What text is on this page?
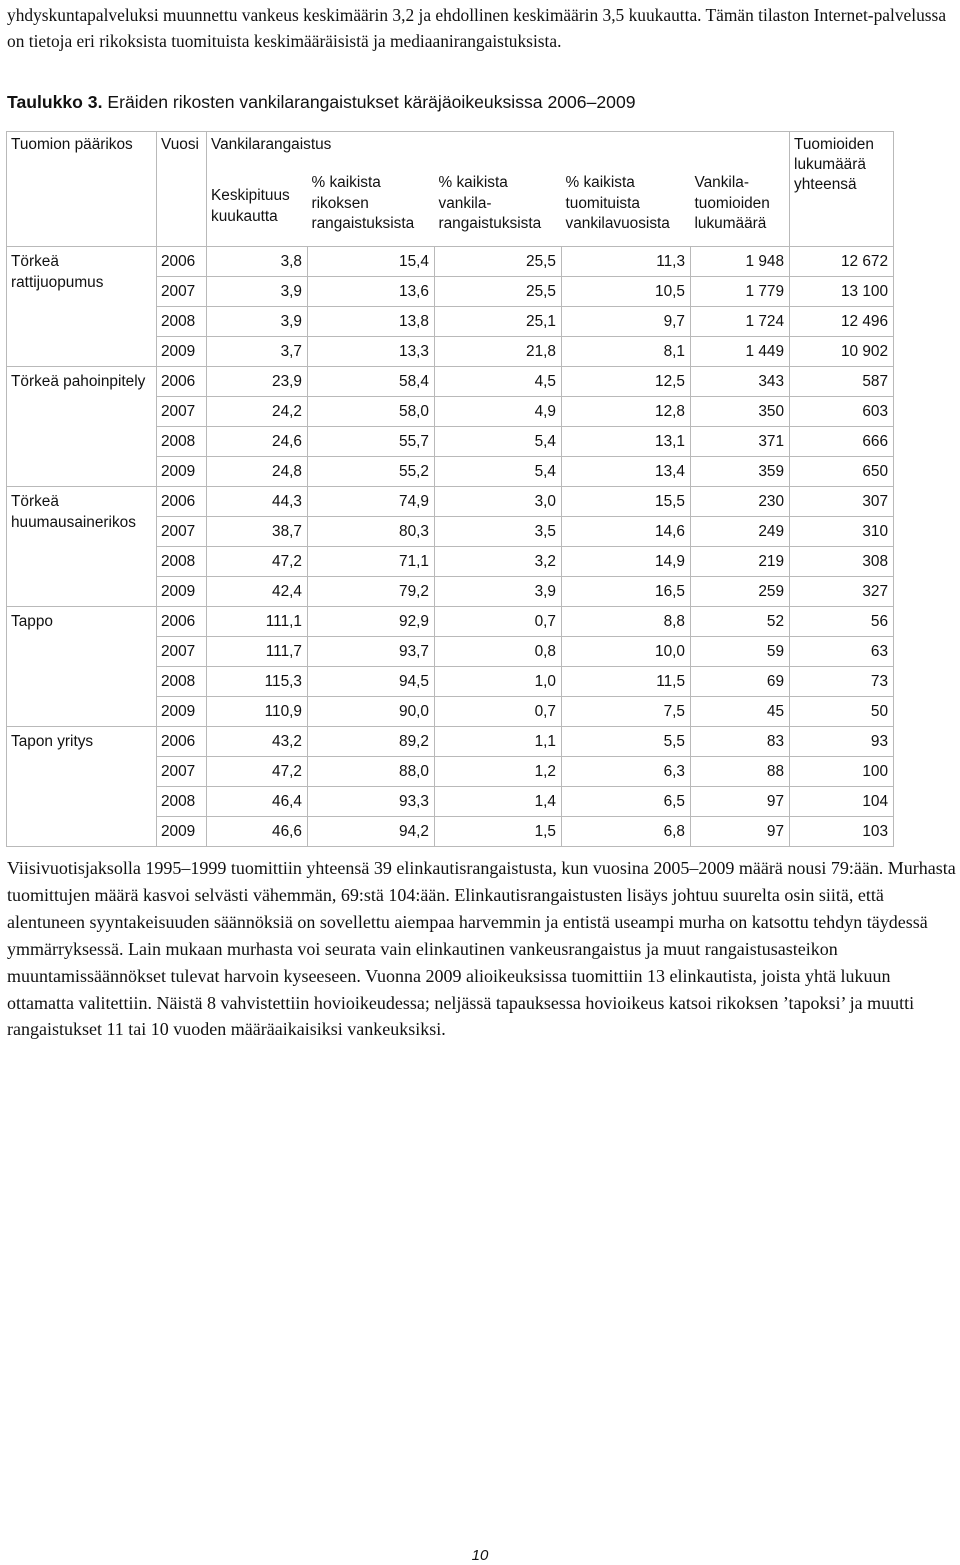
yhdyskuntapalveluksi muunnettu vankeus keskimäärin 3,2 ja ehdollinen keskimäärin 3,5 kuukautta. Tämän tilaston Internet-palvelussa on tietoja eri rikoksista tuomituista keskimääräisistä ja mediaanirangaistuksista.

Taulukko 3. Eräiden rikosten vankilarangaistukset käräjäoikeuksissa 2006–2009

Tuomion päärikos	Vuosi	Vankilarangaistus					Tuomioiden lukumäärä yhteensä
		Keskipituus kuukautta	% kaikista rikoksen rangaistuksista	% kaikista vankila-rangaistuksista	% kaikista tuomituista vankilavuosista	Vankila-tuomioiden lukumäärä	
Törkeä rattijuopumus	2006	3,8	15,4	25,5	11,3	1 948	12 672
	2007	3,9	13,6	25,5	10,5	1 779	13 100
	2008	3,9	13,8	25,1	9,7	1 724	12 496
	2009	3,7	13,3	21,8	8,1	1 449	10 902
Törkeä pahoinpitely	2006	23,9	58,4	4,5	12,5	343	587
	2007	24,2	58,0	4,9	12,8	350	603
	2008	24,6	55,7	5,4	13,1	371	666
	2009	24,8	55,2	5,4	13,4	359	650
Törkeä huumausainerikos	2006	44,3	74,9	3,0	15,5	230	307
	2007	38,7	80,3	3,5	14,6	249	310
	2008	47,2	71,1	3,2	14,9	219	308
	2009	42,4	79,2	3,9	16,5	259	327
Tappo	2006	111,1	92,9	0,7	8,8	52	56
	2007	111,7	93,7	0,8	10,0	59	63
	2008	115,3	94,5	1,0	11,5	69	73
	2009	110,9	90,0	0,7	7,5	45	50
Tapon yritys	2006	43,2	89,2	1,1	5,5	83	93
	2007	47,2	88,0	1,2	6,3	88	100
	2008	46,4	93,3	1,4	6,5	97	104
	2009	46,6	94,2	1,5	6,8	97	103

Viisivuotisjaksolla 1995–1999 tuomittiin yhteensä 39 elinkautisrangaistusta, kun vuosina 2005–2009 määrä nousi 79:ään. Murhasta tuomittujen määrä kasvoi selvästi vähemmän, 69:stä 104:ään. Elinkautisrangaistusten lisäys johtuu suurelta osin siitä, että alentuneen syyntakeisuuden säännöksiä on sovellettu aiempaa harvemmin ja entistä useampi murha on katsottu tehdyn täydessä ymmärryksessä. Lain mukaan murhasta voi seurata vain elinkautinen vankeusrangaistus ja muut rangaistusasteikon muuntamissäännökset tulevat harvoin kyseeseen. Vuonna 2009 alioikeuksissa tuomittiin 13 elinkautista, joista yhtä lukuun ottamatta valitettiin. Näistä 8 vahvistettiin hovioikeudessa; neljässä tapauksessa hovioikeus katsoi rikoksen ’tapoksi’ ja muutti rangaistukset 11 tai 10 vuoden määräaikaisiksi vankeuksiksi.

10
